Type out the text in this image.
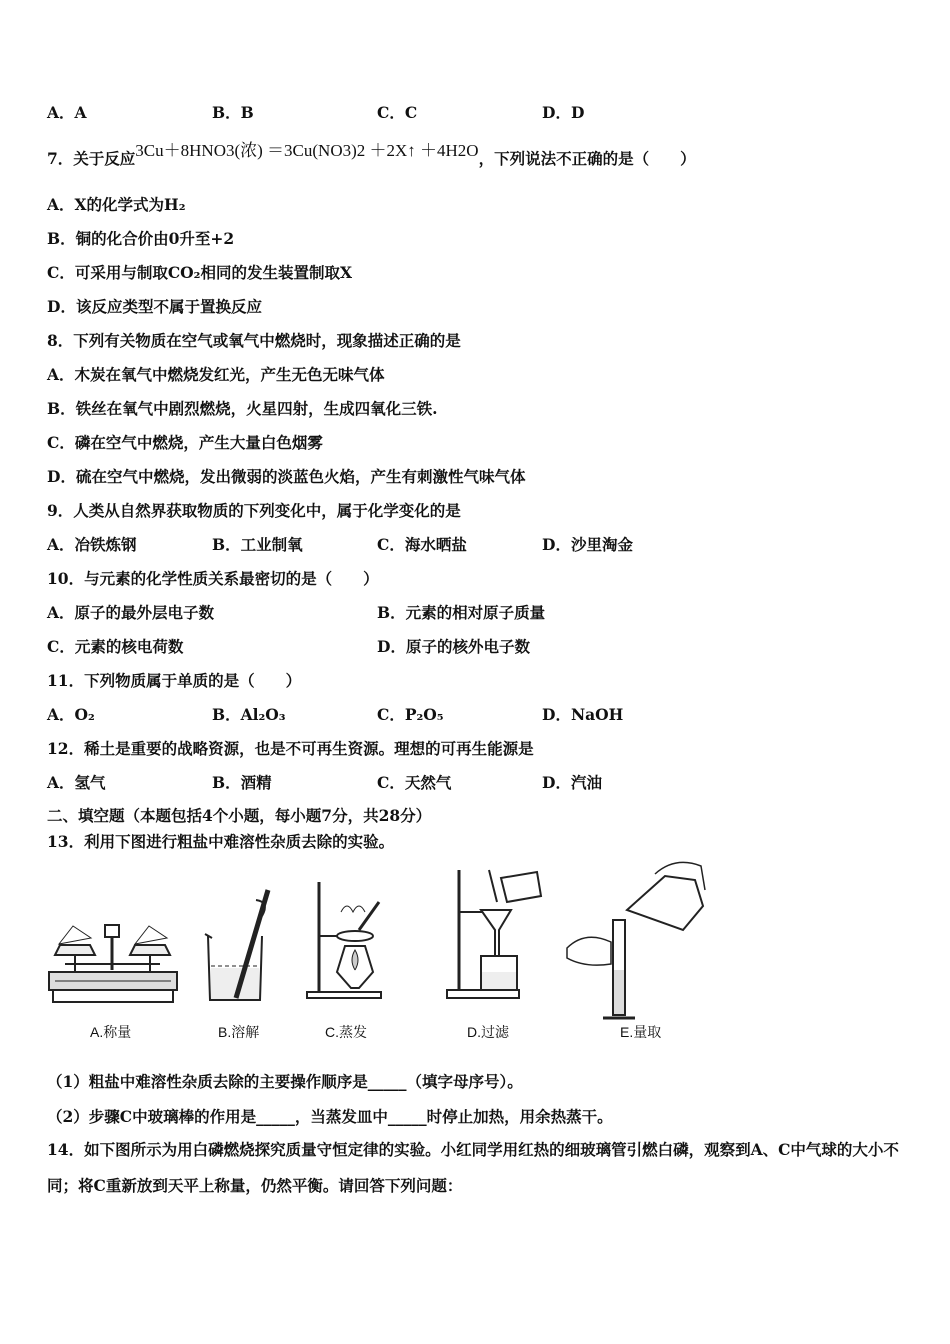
A．A	B．B	C．C	D．D
7．关于反应3Cu＋8HNO3(浓) ＝3Cu(NO3)2 ＋2X↑ ＋4H2O，下列说法不正确的是（　　）
A．X的化学式为H₂
B．铜的化合价由0升至+2
C．可采用与制取CO₂相同的发生装置制取X
D．该反应类型不属于置换反应
8．下列有关物质在空气或氧气中燃烧时，现象描述正确的是
A．木炭在氧气中燃烧发红光，产生无色无味气体
B．铁丝在氧气中剧烈燃烧，火星四射，生成四氧化三铁.
C．磷在空气中燃烧，产生大量白色烟雾
D．硫在空气中燃烧，发出微弱的淡蓝色火焰，产生有刺激性气味气体
9．人类从自然界获取物质的下列变化中，属于化学变化的是
A．冶铁炼钢	B．工业制氧	C．海水晒盐	D．沙里淘金
10．与元素的化学性质关系最密切的是（　　）
A．原子的最外层电子数	B．元素的相对原子质量
C．元素的核电荷数	D．原子的核外电子数
11．下列物质属于单质的是（　　）
A．O₂	B．Al₂O₃	C．P₂O₅	D．NaOH
12．稀土是重要的战略资源，也是不可再生资源。理想的可再生能源是
A．氢气	B．酒精	C．天然气	D．汽油
二、填空题（本题包括4个小题，每小题7分，共28分）
13．利用下图进行粗盐中难溶性杂质去除的实验。
A.称量	B.溶解	C.蒸发	D.过滤	E.量取
（1）粗盐中难溶性杂质去除的主要操作顺序是_____（填字母序号）。
（2）步骤C中玻璃棒的作用是_____，当蒸发皿中_____时停止加热，用余热蒸干。
14．如下图所示为用白磷燃烧探究质量守恒定律的实验。小红同学用红热的细玻璃管引燃白磷，观察到A、C中气球的大小不同；将C重新放到天平上称量，仍然平衡。请回答下列问题：
